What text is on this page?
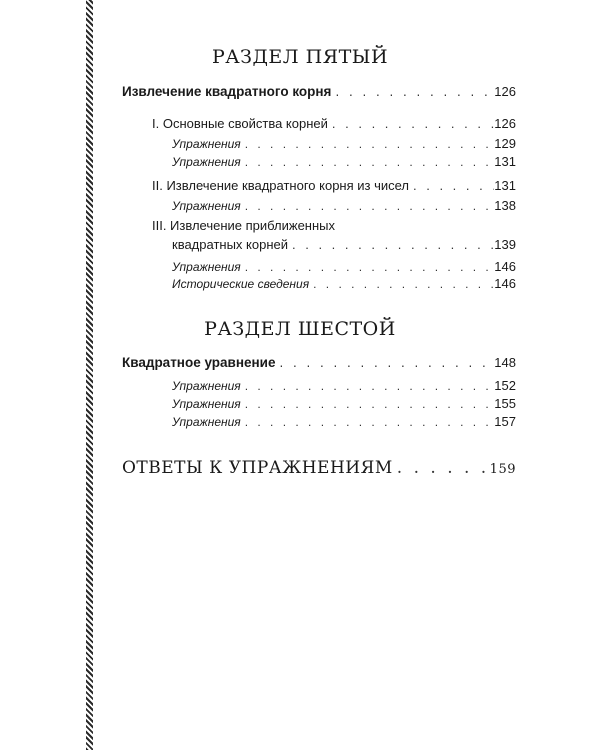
РАЗДЕЛ ПЯТЫЙ
Извлечение квадратного корня . . .	126
I. Основные свойства корней . . .	126
Упражнения . . .	129
Упражнения . . .	131
II. Извлечение квадратного корня из чисел . . .	131
Упражнения . . .	138
III. Извлечение приближенных
квадратных корней . . .	139
Упражнения . . .	146
Исторические сведения . . .	146
РАЗДЕЛ ШЕСТОЙ
Квадратное уравнение . . .	148
Упражнения . . .	152
Упражнения . . .	155
Упражнения . . .	157
ОТВЕТЫ К УПРАЖНЕНИЯМ . . .	159
